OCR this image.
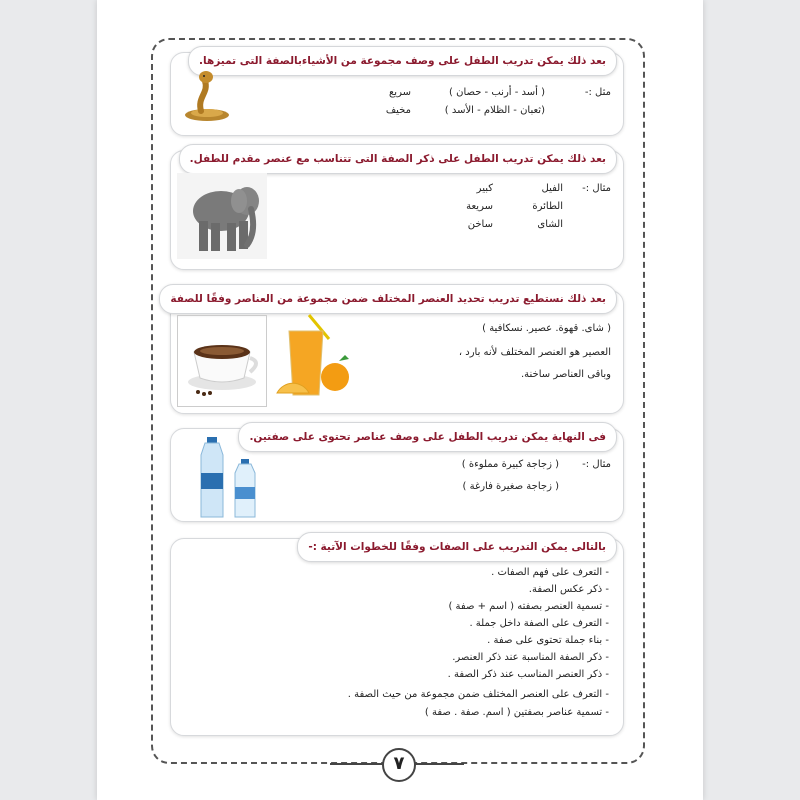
بعد ذلك يمكن تدريب الطفل على وصف مجموعة من الأشياءبالصفة التى تميزها.
مثل :-
( أسد - أرنب - حصان )
سريع
(ثعبان - الظلام - الأسد )
مخيف
بعد ذلك يمكن تدريب الطفل على ذكر الصفة التى تتناسب مع عنصر مقدم للطفل.
مثال :-
الفيل
كبير
الطائرة
سريعة
الشاى
ساخن
بعد ذلك نستطيع تدريب تحديد العنصر المختلف ضمن مجموعة من العناصر وفقًا للصفة
( شاى. قهوة. عصير. نسكافية )
العصير هو العنصر المختلف لأنه بارد ،
وباقى العناصر ساخنة.
فى النهاية يمكن تدريب الطفل على وصف عناصر تحتوى على صفتين.
مثال :-
( زجاجة كبيرة مملوءة )
( زجاجة صغيرة فارغة )
بالتالى يمكن التدريب على الصفات وفقًا للخطوات الآتية :-
- التعرف على فهم الصفات .
- ذكر عكس الصفة.
- تسمية العنصر بصفته ( اسم + صفة )
- التعرف على الصفة داخل جملة .
- بناء جملة تحتوى على صفة .
- ذكر الصفة المناسبة عند ذكر العنصر.
- ذكر العنصر المناسب عند ذكر الصفة .
- التعرف على العنصر المختلف ضمن مجموعة من حيث الصفة .
- تسمية عناصر بصفتين ( اسم. صفة . صفة )
٧
